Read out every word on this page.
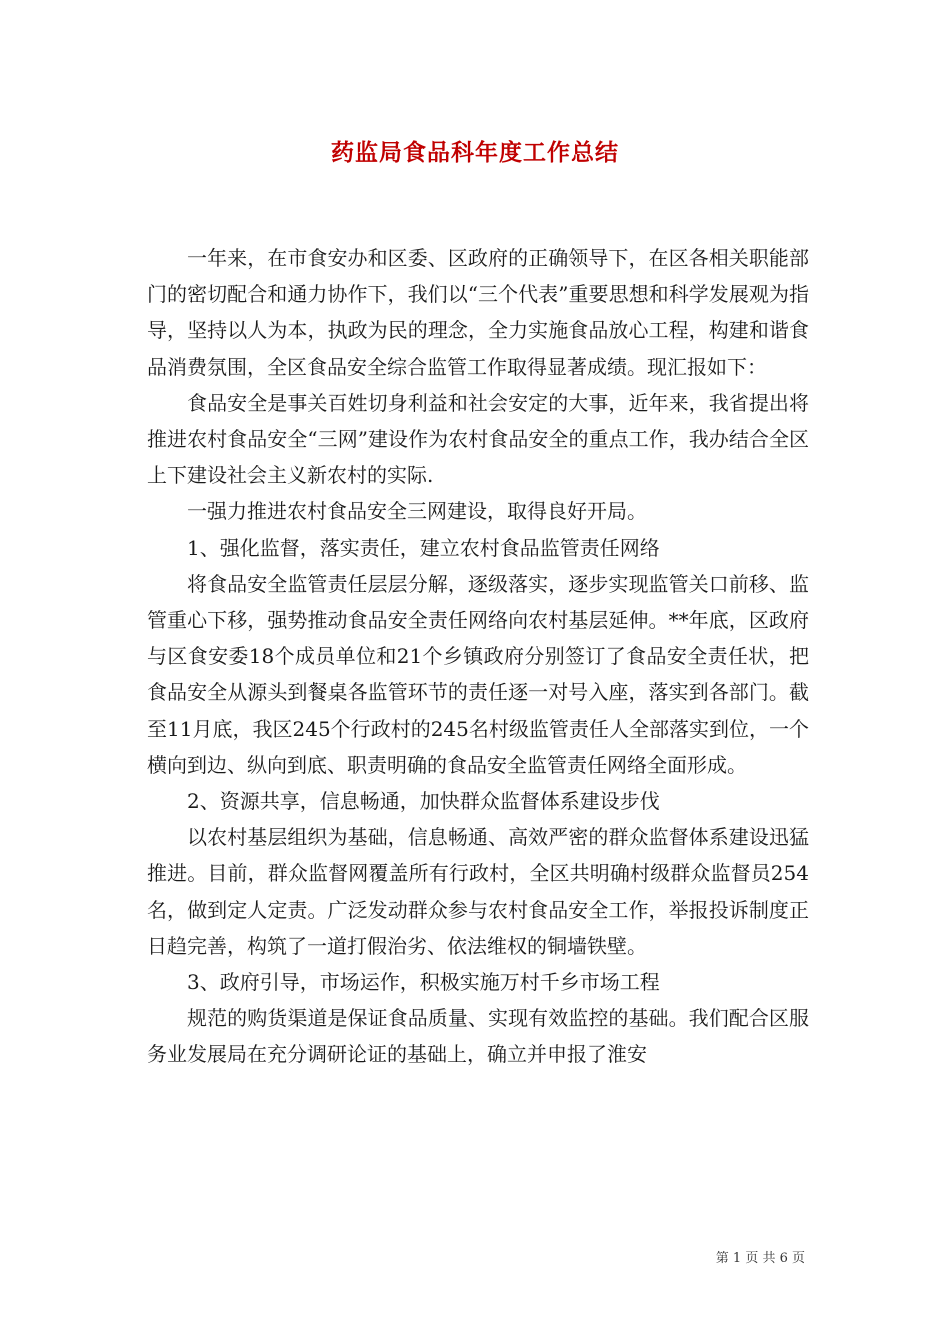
药监局食品科年度工作总结

一年来，在市食安办和区委、区政府的正确领导下，在区各相关职能部门的密切配合和通力协作下，我们以“三个代表”重要思想和科学发展观为指导，坚持以人为本，执政为民的理念，全力实施食品放心工程，构建和谐食品消费氛围，全区食品安全综合监管工作取得显著成绩。现汇报如下：

食品安全是事关百姓切身利益和社会安定的大事，近年来，我省提出将推进农村食品安全“三网”建设作为农村食品安全的重点工作，我办结合全区上下建设社会主义新农村的实际.

一强力推进农村食品安全三网建设，取得良好开局。

1、强化监督，落实责任，建立农村食品监管责任网络

将食品安全监管责任层层分解，逐级落实，逐步实现监管关口前移、监管重心下移，强势推动食品安全责任网络向农村基层延伸。**年底，区政府与区食安委18个成员单位和21个乡镇政府分别签订了食品安全责任状，把食品安全从源头到餐桌各监管环节的责任逐一对号入座，落实到各部门。截至11月底，我区245个行政村的245名村级监管责任人全部落实到位，一个横向到边、纵向到底、职责明确的食品安全监管责任网络全面形成。

2、资源共享，信息畅通，加快群众监督体系建设步伐

以农村基层组织为基础，信息畅通、高效严密的群众监督体系建设迅猛推进。目前，群众监督网覆盖所有行政村，全区共明确村级群众监督员254名，做到定人定责。广泛发动群众参与农村食品安全工作，举报投诉制度正日趋完善，构筑了一道打假治劣、依法维权的铜墙铁壁。

3、政府引导，市场运作，积极实施万村千乡市场工程

规范的购货渠道是保证食品质量、实现有效监控的基础。我们配合区服务业发展局在充分调研论证的基础上，确立并申报了淮安

第 1 页 共 6 页
